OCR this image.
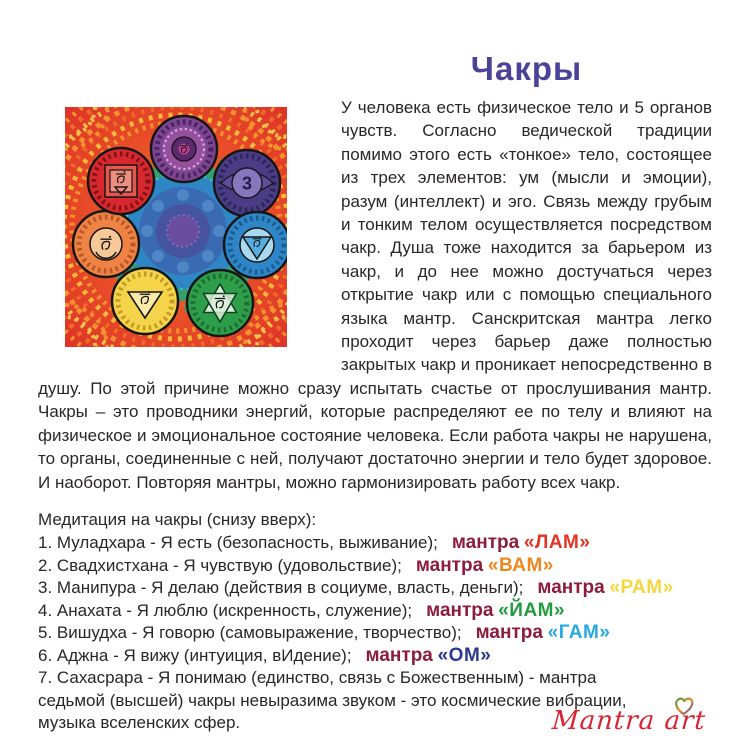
3
Чакры

У человека есть физическое тело и 5 органов чувств. Согласно ведической традиции помимо этого есть «тонкое» тело, состоящее из трех элементов: ум (мысли и эмоции), разум (интеллект) и эго. Связь между грубым и тонким телом осуществляется посредством чакр. Душа тоже находится за барьером из чакр, и до нее можно достучаться через открытие чакр или с помощью специального языка мантр. Санскритская мантра легко проходит через барьер даже полностью закрытых чакр и проникает непосредственно в душу. По этой причине можно сразу испытать счастье от прослушивания мантр. Чакры – это проводники энергий, которые распределяют ее по телу и влияют на физическое и эмоциональное состояние человека. Если работа чакры не нарушена, то органы, соединенные с ней, получают достаточно энергии и тело будет здоровое. И наоборот. Повторяя мантры, можно гармонизировать работу всех чакр.

Медитация на чакры (снизу вверх):
1. Муладхара - Я есть (безопасность, выживание); мантра «ЛАМ»
2. Свадхистхана - Я чувствую (удовольствие); мантра «ВАМ»
3. Манипура - Я делаю (действия в социуме, власть, деньги); мантра «РАМ»
4. Анахата - Я люблю (искренность, служение); мантра «ЙАМ»
5. Вишудха - Я говорю (самовыражение, творчество); мантра «ГАМ»
6. Аджна - Я вижу (интуиция, вИдение); мантра «ОМ»
7. Сахасрара - Я понимаю (единство, связь с Божественным) - мантра седьмой (высшей) чакры невыразима звуком - это космические вибрации, музыка вселенских сфер.	Mantra art
